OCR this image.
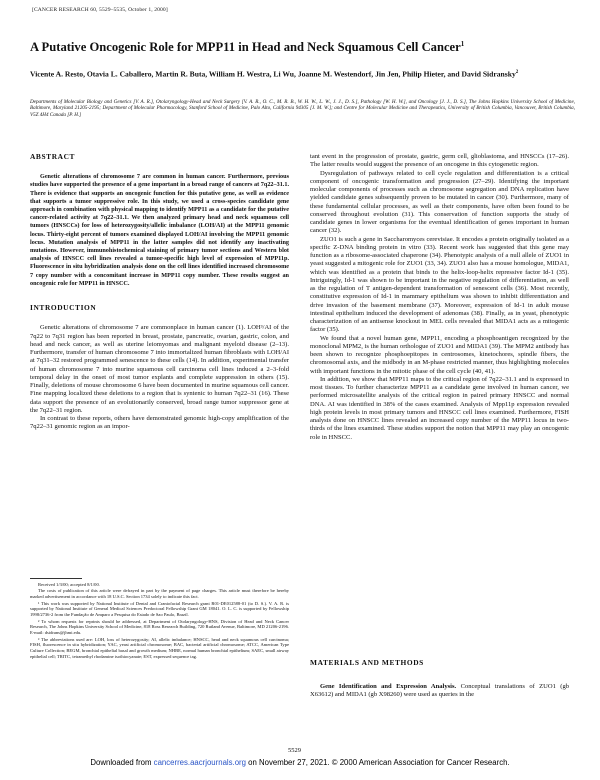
[CANCER RESEARCH 60, 5529–5535, October 1, 2000]
A Putative Oncogenic Role for MPP11 in Head and Neck Squamous Cell Cancer$^1$
Vicente A. Resto, Otavia L. Caballero, Martin R. Buta, William H. Westra, Li Wu, Joanne M. Westendorf, Jin Jen, Philip Hieter, and David Sidransky$^2$
Departments of Molecular Biology and Genetics [V. A. R.], Otolaryngology-Head and Neck Surgery [V. A. R., O. C., M. R. B., W. H. W., L. W., J. J., D. S.], Pathology [W. H. W.], and Oncology [J. J., D. S.], The Johns Hopkins University School of Medicine, Baltimore, Maryland 21205-2195; Department of Molecular Pharmacology, Stanford School of Medicine, Palo Alto, California 94305 [J. M. W.]; and Centre for Molecular Medicine and Therapeutics, University of British Columbia, Vancouver, British Columbia, V5Z 4H4 Canada [P. H.]
ABSTRACT

Genetic alterations of chromosome 7 are common in human cancer. Furthermore, previous studies have supported the presence of a gene important in a broad range of cancers at 7q22–31.1. There is evidence that supports an oncogenic function for this putative gene, as well as evidence that supports a tumor suppressive role. In this study, we used a cross-species candidate gene approach in combination with physical mapping to identify MPP11 as a candidate for the putative cancer-related activity at 7q22–31.1. We then analyzed primary head and neck squamous cell tumors (HNSCCs) for loss of heterozygosity/allelic imbalance (LOH/AI) at the MPP11 genomic locus. Thirty-eight percent of tumors examined displayed LOH/AI involving the MPP11 genomic locus. Mutation analysis of MPP11 in the latter samples did not identify any inactivating mutations. However, immunohistochemical staining of primary tumor sections and Western blot analysis of HNSCC cell lines revealed a tumor-specific high level of expression of MPP11p. Fluorescence in situ hybridization analysis done on the cell lines identified increased chromosome 7 copy number with a concomitant increase in MPP11 copy number. These results suggest an oncogenic role for MPP11 in HNSCC.

INTRODUCTION

Genetic alterations of chromosome 7 are commonplace in human cancer (1). LOH³/AI of the 7q22 to 7q31 region has been reported in breast, prostate, pancreatic, ovarian, gastric, colon, and head and neck cancer, as well as uterine leiomyomas and malignant myeloid disease (2–13). Furthermore, transfer of human chromosome 7 into immortalized human fibroblasts with LOH/AI at 7q31–32 restored programmed senescence to these cells (14). In addition, experimental transfer of human chromosome 7 into murine squamous cell carcinoma cell lines induced a 2–3-fold temporal delay in the onset of most tumor explants and complete suppression in others (15). Finally, deletions of mouse chromosome 6 have been documented in murine squamous cell cancer. Fine mapping localized these deletions to a region that is syntenic to human 7q22–31 (16). These data support the presence of an evolutionarily conserved, broad range tumor suppressor gene at the 7q22–31 region.

In contrast to these reports, others have demonstrated genomic high-copy amplification of the 7q22–31 genomic region as an impor-

Received 1/3/00; accepted 8/1/00.

The costs of publication of this article were defrayed in part by the payment of page charges. This article must therefore be hereby marked advertisement in accordance with 18 U.S.C. Section 1734 solely to indicate this fact.

¹ This work was supported by National Institute of Dental and Craniofacial Research grant R01-DE012588-01 (to D. S.). V. A. R. is supported by National Institute of General Medical Sciences Predoctoral Fellowship Grant GM 18041. O. L. C. is supported by Fellowship 1998/2736-2 from the Fundação de Amparo a Pesquisa do Estado de Sao Paulo, Brazil.

² To whom requests for reprints should be addressed, at Department of Otolaryngology-HNS, Division of Head and Neck Cancer Research, The Johns Hopkins University School of Medicine, 818 Ross Research Building, 720 Rutland Avenue, Baltimore, MD 21206-2196. E-mail: dsidrans@jhmi.edu.

³ The abbreviations used are: LOH, loss of heterozygosity; AI, allelic imbalance; HNSCC, head and neck squamous cell carcinoma; FISH, fluorescence in situ hybridization; YAC, yeast artificial chromosome; BAC, bacterial artificial chromosome; ATCC, American Type Culture Collection; BEGM, bronchial epithelial basal and growth medium; NHBE, normal human bronchial epithelium; SAEC, small airway epithelial cell; TRITC, tetramethyl rhodamine isothiocyanate; EST, expressed sequence tag.

tant event in the progression of prostate, gastric, germ cell, glioblastoma, and HNSCCs (17–26). The latter results would suggest the presence of an oncogene in this cytogenetic region.

Dysregulation of pathways related to cell cycle regulation and differentiation is a critical component of oncogenic transformation and progression (27–29). Identifying the important molecular components of processes such as chromosome segregation and DNA replication have yielded candidate genes subsequently proven to be mutated in cancer (30). Furthermore, many of these fundamental cellular processes, as well as their components, have often been found to be conserved throughout evolution (31). This conservation of function supports the study of candidate genes in lower organisms for the eventual identification of genes important in human cancer (32).

ZUO1 is such a gene in Saccharomyces cerevisiae. It encodes a protein originally isolated as a specific Z-DNA binding protein in vitro (33). Recent work has suggested that this gene may function as a ribosome-associated chaperone (34). Phenotypic analysis of a null allele of ZUO1 in yeast suggested a mitogenic role for ZUO1 (33, 34). ZUO1 also has a mouse homologue, MIDA1, which was identified as a protein that binds to the helix-loop-helix repressive factor Id-1 (35). Intriguingly, Id-1 was shown to be important in the negative regulation of differentiation, as well as the regulation of T antigen-dependent transformation of senescent cells (36). Most recently, constitutive expression of Id-1 in mammary epithelium was shown to inhibit differentiation and drive invasion of the basement membrane (37). Moreover, expression of Id-1 in adult mouse intestinal epithelium induced the development of adenomas (38). Finally, as in yeast, phenotypic characterization of an antisense knockout in MEL cells revealed that MIDA1 acts as a mitogenic factor (35).

We found that a novel human gene, MPP11, encoding a phosphoantigen recognized by the monoclonal MPM2, is the human orthologue of ZUO1 and MIDA1 (39). The MPM2 antibody has been shown to recognize phosphoepitopes in centrosomes, kinetochores, spindle fibers, the chromosomal axis, and the midbody in an M-phase restricted manner, thus highlighting molecules with important functions in the mitotic phase of the cell cycle (40, 41).

In addition, we show that MPP11 maps to the critical region of 7q22–31.1 and is expressed in most tissues. To further characterize MPP11 as a candidate gene involved in human cancer, we performed microsatellite analysis of the critical region in paired primary HNSCC and normal DNA. AI was identified in 38% of the cases examined. Analysis of Mpp11p expression revealed high protein levels in most primary tumors and HNSCC cell lines examined. Furthermore, FISH analysis done on HNSCC lines revealed an increased copy number of the MPP11 locus in two-thirds of the lines examined. These studies support the notion that MPP11 may play an oncogenic role in HNSCC.

MATERIALS AND METHODS
Gene Identification and Expression Analysis. Conceptual translations of ZUO1 (gb X63612) and MIDA1 (gb X98260) were used as queries in the
5529
Downloaded from cancerres.aacrjournals.org on November 27, 2021. © 2000 American Association for Cancer Research.
